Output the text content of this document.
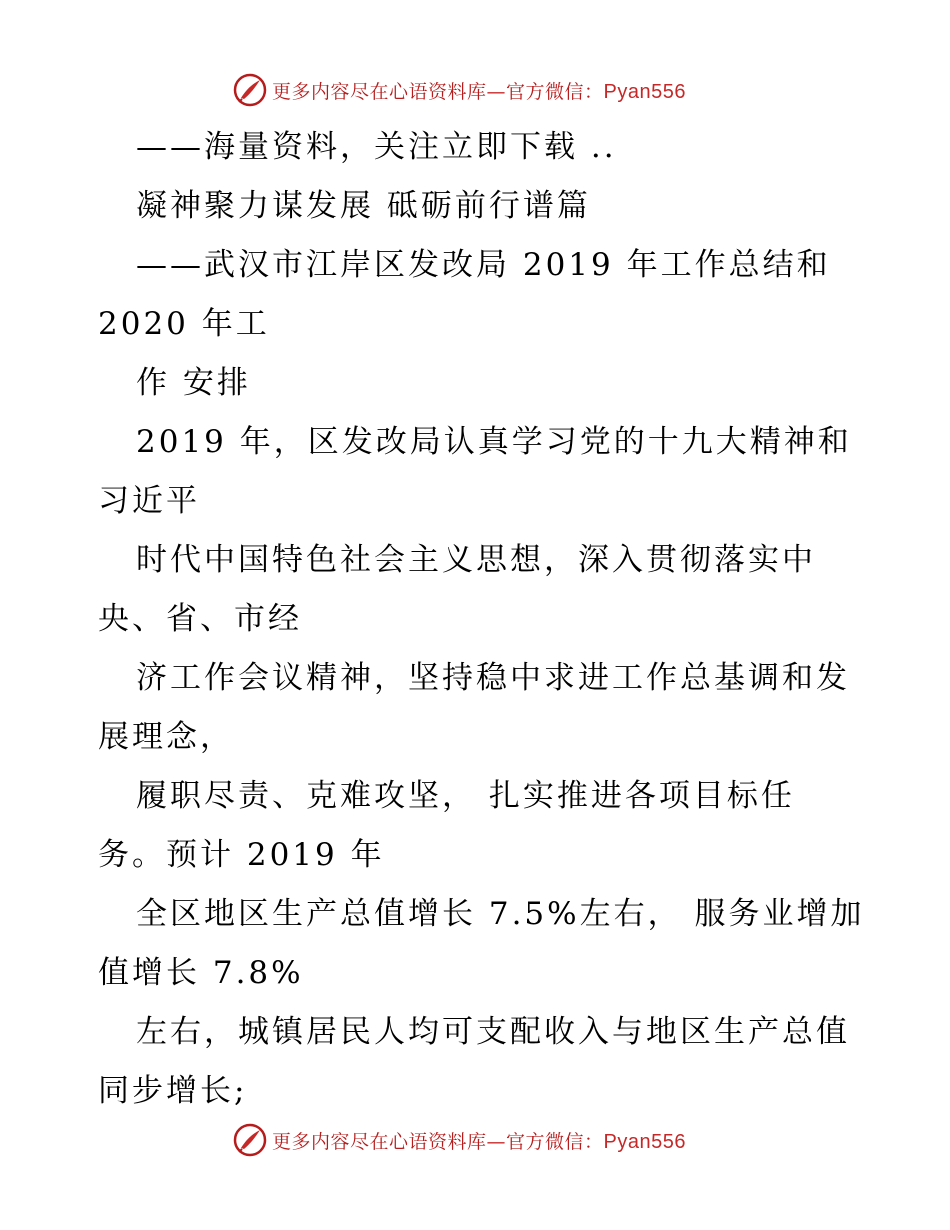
更多内容尽在心语资料库—官方微信：Pyan556
——海量资料，关注立即下载 ..
凝神聚力谋发展 砥砺前行谱篇
——武汉市江岸区发改局 2019 年工作总结和
2020 年工
作 安排
2019 年，区发改局认真学习党的十九大精神和
习近平
时代中国特色社会主义思想，深入贯彻落实中
央、省、市经
济工作会议精神，坚持稳中求进工作总基调和发
展理念，
履职尽责、克难攻坚， 扎实推进各项目标任
务。预计 2019 年
全区地区生产总值增长 7.5%左右， 服务业增加
值增长 7.8%
左右，城镇居民人均可支配收入与地区生产总值
同步增长;
更多内容尽在心语资料库—官方微信：Pyan556
